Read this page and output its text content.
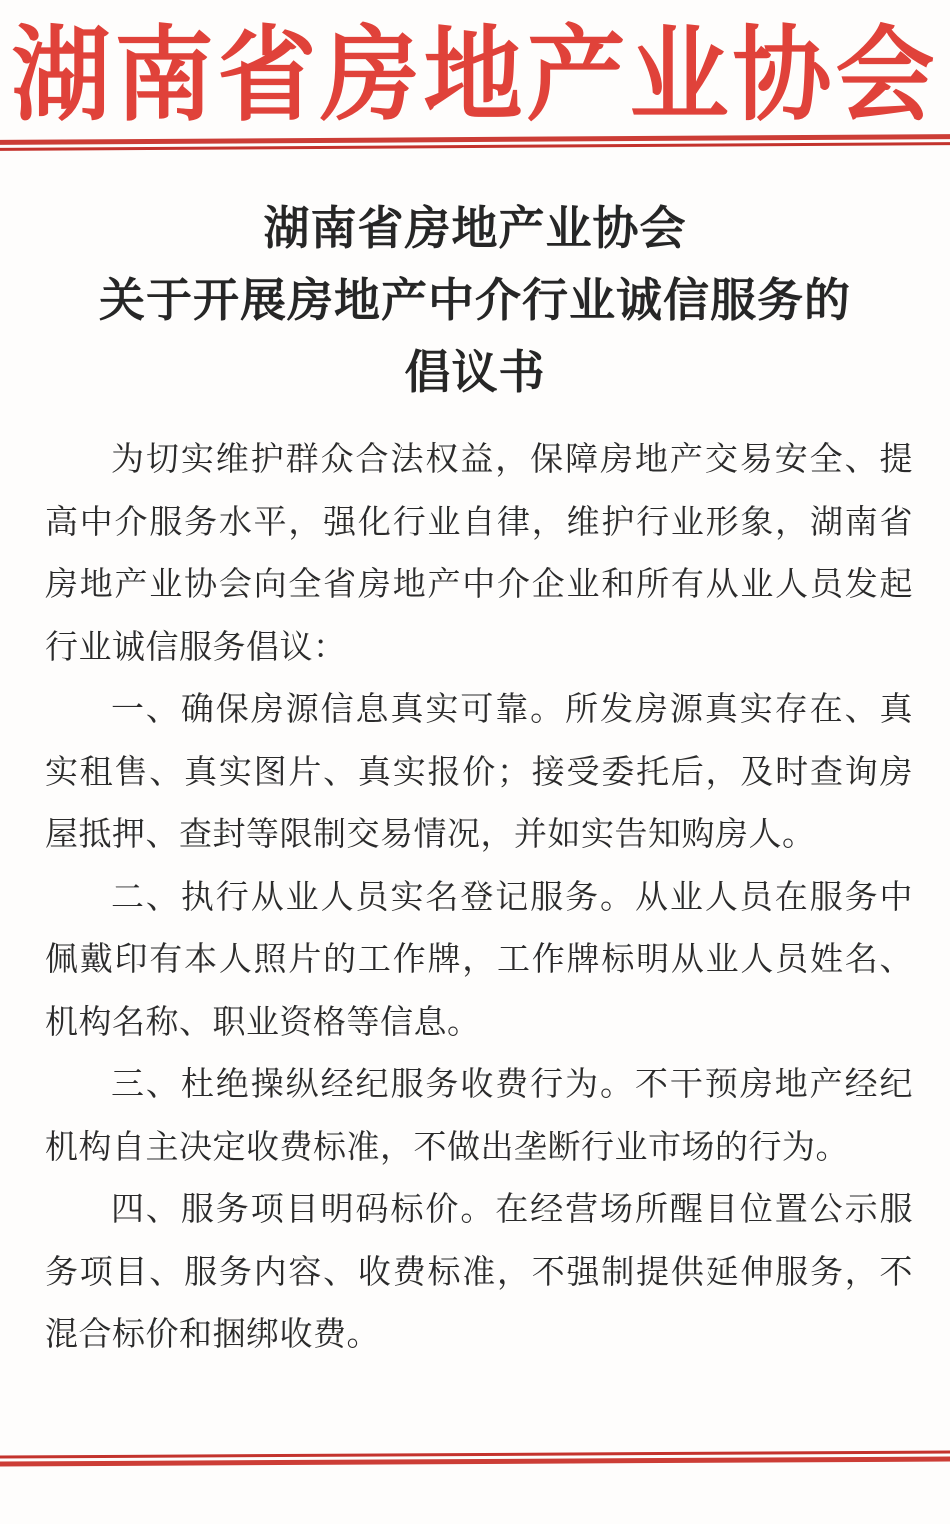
湖南省房地产业协会
湖南省房地产业协会
关于开展房地产中介行业诚信服务的
倡议书

为切实维护群众合法权益，保障房地产交易安全、提高中介服务水平，强化行业自律，维护行业形象，湖南省房地产业协会向全省房地产中介企业和所有从业人员发起行业诚信服务倡议：

一、确保房源信息真实可靠。所发房源真实存在、真实租售、真实图片、真实报价；接受委托后，及时查询房屋抵押、查封等限制交易情况，并如实告知购房人。

二、执行从业人员实名登记服务。从业人员在服务中佩戴印有本人照片的工作牌，工作牌标明从业人员姓名、机构名称、职业资格等信息。

三、杜绝操纵经纪服务收费行为。不干预房地产经纪机构自主决定收费标准，不做出垄断行业市场的行为。

四、服务项目明码标价。在经营场所醒目位置公示服务项目、服务内容、收费标准，不强制提供延伸服务，不混合标价和捆绑收费。
